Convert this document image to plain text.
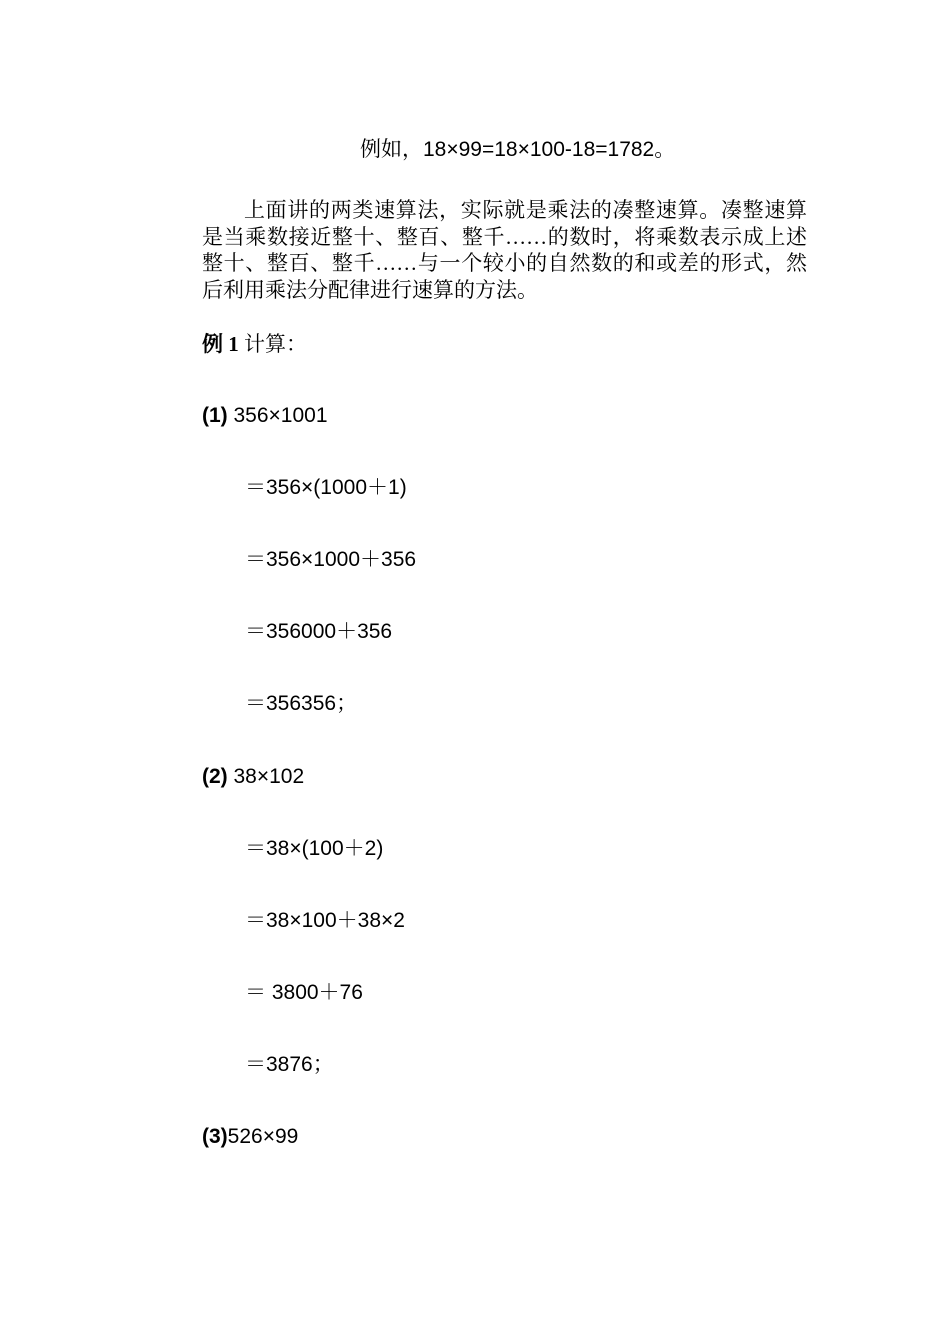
例如，18×99=18×100-18=1782。
上面讲的两类速算法，实际就是乘法的凑整速算。凑整速算是当乘数接近整十、整百、整千……的数时，将乘数表示成上述整十、整百、整千……与一个较小的自然数的和或差的形式，然后利用乘法分配律进行速算的方法。
例 1 计算：
(1) 356×1001
＝356×(1000＋1)
＝356×1000＋356
＝356000＋356
＝356356；
(2) 38×102
＝38×(100＋2)
＝38×100＋38×2
＝ 3800＋76
＝3876；
(3)526×99
